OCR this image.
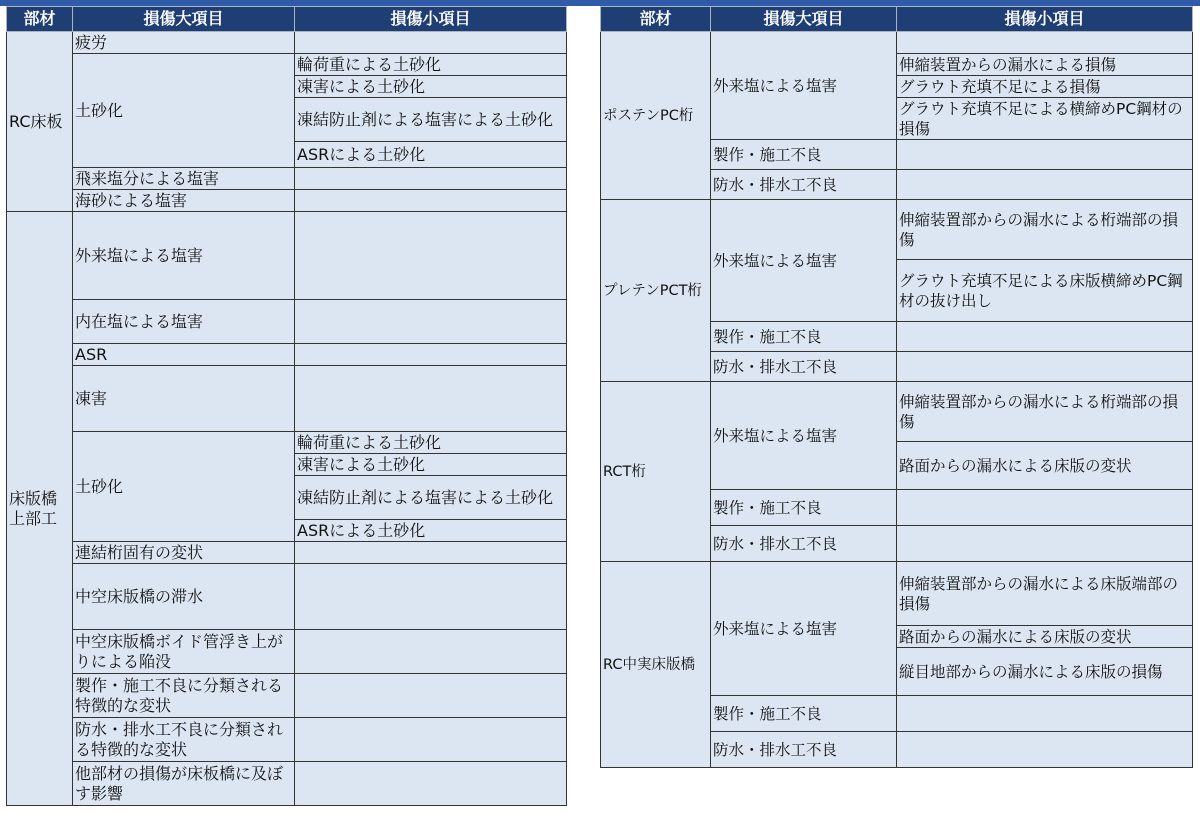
部材	損傷大項目	損傷小項目
RC床板	疲労	
	土砂化	輪荷重による土砂化
		凍害による土砂化
		凍結防止剤による塩害による土砂化
		ASRによる土砂化
	飛来塩分による塩害	
	海砂による塩害	
床版橋上部工	外来塩による塩害	
	内在塩による塩害	
	ASR	
	凍害	
	土砂化	輪荷重による土砂化
		凍害による土砂化
		凍結防止剤による塩害による土砂化
		ASRによる土砂化
	連結桁固有の変状	
	中空床版橋の滞水	
	中空床版橋ボイド管浮き上がりによる陥没	
	製作・施工不良に分類される特徴的な変状	
	防水・排水工不良に分類される特徴的な変状	
	他部材の損傷が床板橋に及ぼす影響	
部材	損傷大項目	損傷小項目
ポステンPC桁	外来塩による塩害	
		伸縮装置からの漏水による損傷
		グラウト充填不足による損傷
		グラウト充填不足による横締めPC鋼材の損傷
	製作・施工不良	
	防水・排水工不良	
プレテンPCT桁	外来塩による塩害	伸縮装置部からの漏水による桁端部の損傷
		グラウト充填不足による床版横締めPC鋼材の抜け出し
	製作・施工不良	
	防水・排水工不良	
RCT桁	外来塩による塩害	伸縮装置部からの漏水による桁端部の損傷
		路面からの漏水による床版の変状
	製作・施工不良	
	防水・排水工不良	
RC中実床版橋	外来塩による塩害	伸縮装置部からの漏水による床版端部の損傷
		路面からの漏水による床版の変状
		縦目地部からの漏水による床版の損傷
	製作・施工不良	
	防水・排水工不良	
